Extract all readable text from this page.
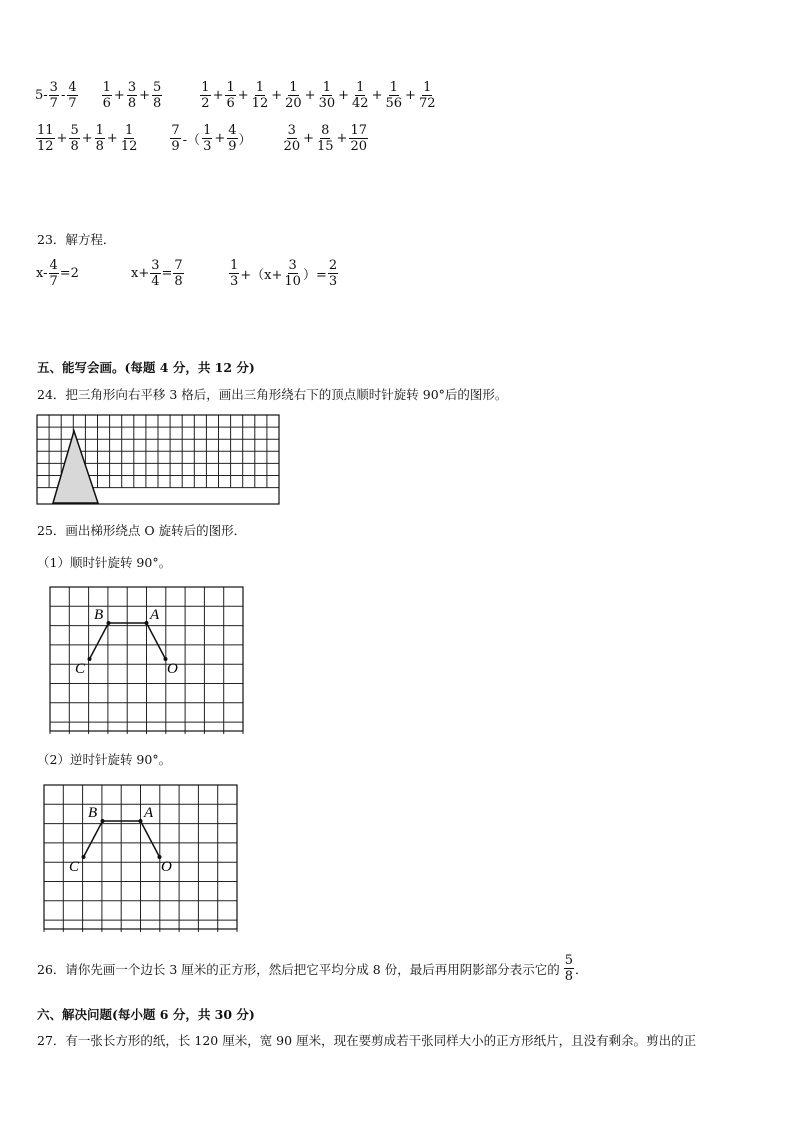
$5- \frac{3}{7} - \frac{4}{7} \frac{1}{6} + \frac{3}{8} + \frac{5}{8}$	$\frac{1}{2} + \frac{1}{6} + \frac{1}{12} + \frac{1}{20} + \frac{1}{30} + \frac{1}{42} + \frac{1}{56} + \frac{1}{72}$
$\frac{11}{12} + \frac{5}{8} + \frac{1}{8} + \frac{1}{12} \frac{7}{9}$ -（ $\frac{1}{3} + \frac{4}{9}$ ） $\frac{3}{20} + \frac{8}{15} + \frac{17}{20}$
23．解方程．
$x- \frac{4}{7} =2$	$x+ \frac{3}{4} = \frac{7}{8}$	$\frac{1}{3} +(x+ \frac{3}{10}$ ）= $\frac{2}{3}$
五、能写会画。(每题 4 分，共 12 分)
24．把三角形向右平移 3 格后，画出三角形绕右下的顶点顺时针旋转 90°后的图形。
25．画出梯形绕点 O 旋转后的图形．
（1）顺时针旋转 90°。
B	A
C	O
（2）逆时针旋转 90°。
B	A
C	O
26．请你先画一个边长 3 厘米的正方形，然后把它平均分成 8 份，最后再用阴影部分表示它的 $\frac{5}{8}$ ．
六、解决问题(每小题 6 分，共 30 分)
27．有一张长方形的纸，长 120 厘米，宽 90 厘米，现在要剪成若干张同样大小的正方形纸片，且没有剩余。剪出的正
